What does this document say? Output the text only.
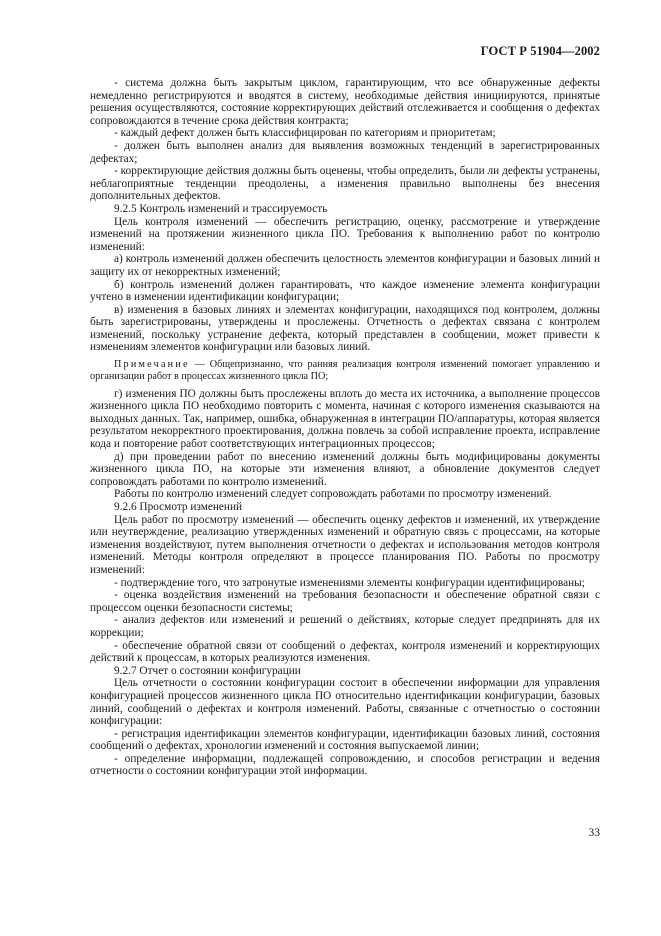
ГОСТ Р 51904—2002

- система должна быть закрытым циклом, гарантирующим, что все обнаруженные дефекты немедленно регистрируются и вводятся в систему, необходимые действия инициируются, принятые решения осуществляются, состояние корректирующих действий отслеживается и сообщения о дефектах сопровождаются в течение срока действия контракта;

- каждый дефект должен быть классифицирован по категориям и приоритетам;

- должен быть выполнен анализ для выявления возможных тенденций в зарегистрированных дефектах;

- корректирующие действия должны быть оценены, чтобы определить, были ли дефекты устранены, неблагоприятные тенденции преодолены, а изменения правильно выполнены без внесения дополнительных дефектов.

9.2.5 Контроль изменений и трассируемость

Цель контроля изменений — обеспечить регистрацию, оценку, рассмотрение и утверждение изменений на протяжении жизненного цикла ПО. Требования к выполнению работ по контролю изменений:

а) контроль изменений должен обеспечить целостность элементов конфигурации и базовых линий и защиту их от некорректных изменений;

б) контроль изменений должен гарантировать, что каждое изменение элемента конфигурации учтено в изменении идентификации конфигурации;

в) изменения в базовых линиях и элементах конфигурации, находящихся под контролем, должны быть зарегистрированы, утверждены и прослежены. Отчетность о дефектах связана с контролем изменений, поскольку устранение дефекта, который представлен в сообщении, может привести к изменениям элементов конфигурации или базовых линий.

Примечание — Общепризнанно, что ранняя реализация контроля изменений помогает управлению и организации работ в процессах жизненного цикла ПО;

г) изменения ПО должны быть прослежены вплоть до места их источника, а выполнение процессов жизненного цикла ПО необходимо повторить с момента, начиная с которого изменения сказываются на выходных данных. Так, например, ошибка, обнаруженная в интеграции ПО/аппаратуры, которая является результатом некорректного проектирования, должна повлечь за собой исправление проекта, исправление кода и повторение работ соответствующих интеграционных процессов;

д) при проведении работ по внесению изменений должны быть модифицированы документы жизненного цикла ПО, на которые эти изменения влияют, а обновление документов следует сопровождать работами по контролю изменений.

Работы по контролю изменений следует сопровождать работами по просмотру изменений.

9.2.6 Просмотр изменений

Цель работ по просмотру изменений — обеспечить оценку дефектов и изменений, их утверждение или неутверждение, реализацию утвержденных изменений и обратную связь с процессами, на которые изменения воздействуют, путем выполнения отчетности о дефектах и использования методов контроля изменений. Методы контроля определяют в процессе планирования ПО. Работы по просмотру изменений:

- подтверждение того, что затронутые изменениями элементы конфигурации идентифицированы;

- оценка воздействия изменений на требования безопасности и обеспечение обратной связи с процессом оценки безопасности системы;

- анализ дефектов или изменений и решений о действиях, которые следует предпринять для их коррекции;

- обеспечение обратной связи от сообщений о дефектах, контроля изменений и корректирующих действий к процессам, в которых реализуются изменения.

9.2.7 Отчет о состоянии конфигурации

Цель отчетности о состоянии конфигурации состоит в обеспечении информации для управления конфигурацией процессов жизненного цикла ПО относительно идентификации конфигурации, базовых линий, сообщений о дефектах и контроля изменений. Работы, связанные с отчетностью о состоянии конфигурации:

- регистрация идентификации элементов конфигурации, идентификации базовых линий, состояния сообщений о дефектах, хронологии изменений и состояния выпускаемой линии;

- определение информации, подлежащей сопровождению, и способов регистрации и ведения отчетности о состоянии конфигурации этой информации.

33
